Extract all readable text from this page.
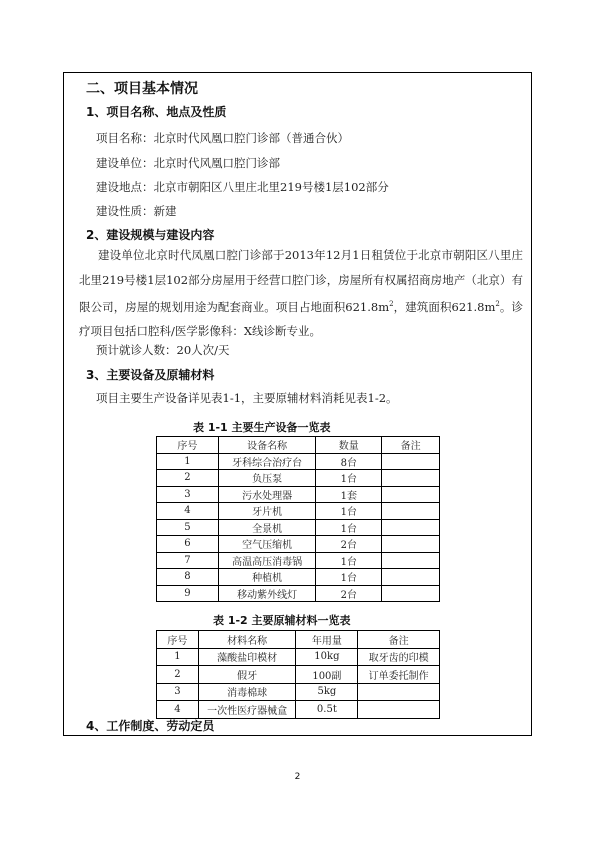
二、项目基本情况
1、项目名称、地点及性质
项目名称：北京时代风凰口腔门诊部（普通合伙）
建设单位：北京时代风凰口腔门诊部
建设地点：北京市朝阳区八里庄北里219号楼1层102部分
建设性质：新建
2、建设规模与建设内容
建设单位北京时代凤凰口腔门诊部于2013年12月1日租赁位于北京市朝阳区八里庄北里219号楼1层102部分房屋用于经营口腔门诊，房屋所有权属招商房地产（北京）有限公司，房屋的规划用途为配套商业。项目占地面积$621.8m^2$，建筑面积$621.8m^2$。诊疗项目包括口腔科/医学影像科：X线诊断专业。
预计就诊人数：20人次/天
3、主要设备及原辅材料
项目主要生产设备详见表1-1，主要原辅材料消耗见表1-2。
表 1-1 主要生产设备一览表
序号	设备名称	数量	备注
1	牙科综合治疗台	8台	
2	负压泵	1台	
3	污水处理器	1套	
4	牙片机	1台	
5	全景机	1台	
6	空气压缩机	2台	
7	高温高压消毒锅	1台	
8	种植机	1台	
9	移动紫外线灯	2台	
表 1-2 主要原辅材料一览表
序号	材料名称	年用量	备注
1	藻酸盐印模材	10kg	取牙齿的印模
2	假牙	100副	订单委托制作
3	消毒棉球	5kg	
4	一次性医疗器械盒	0.5t	
4、工作制度、劳动定员
2
